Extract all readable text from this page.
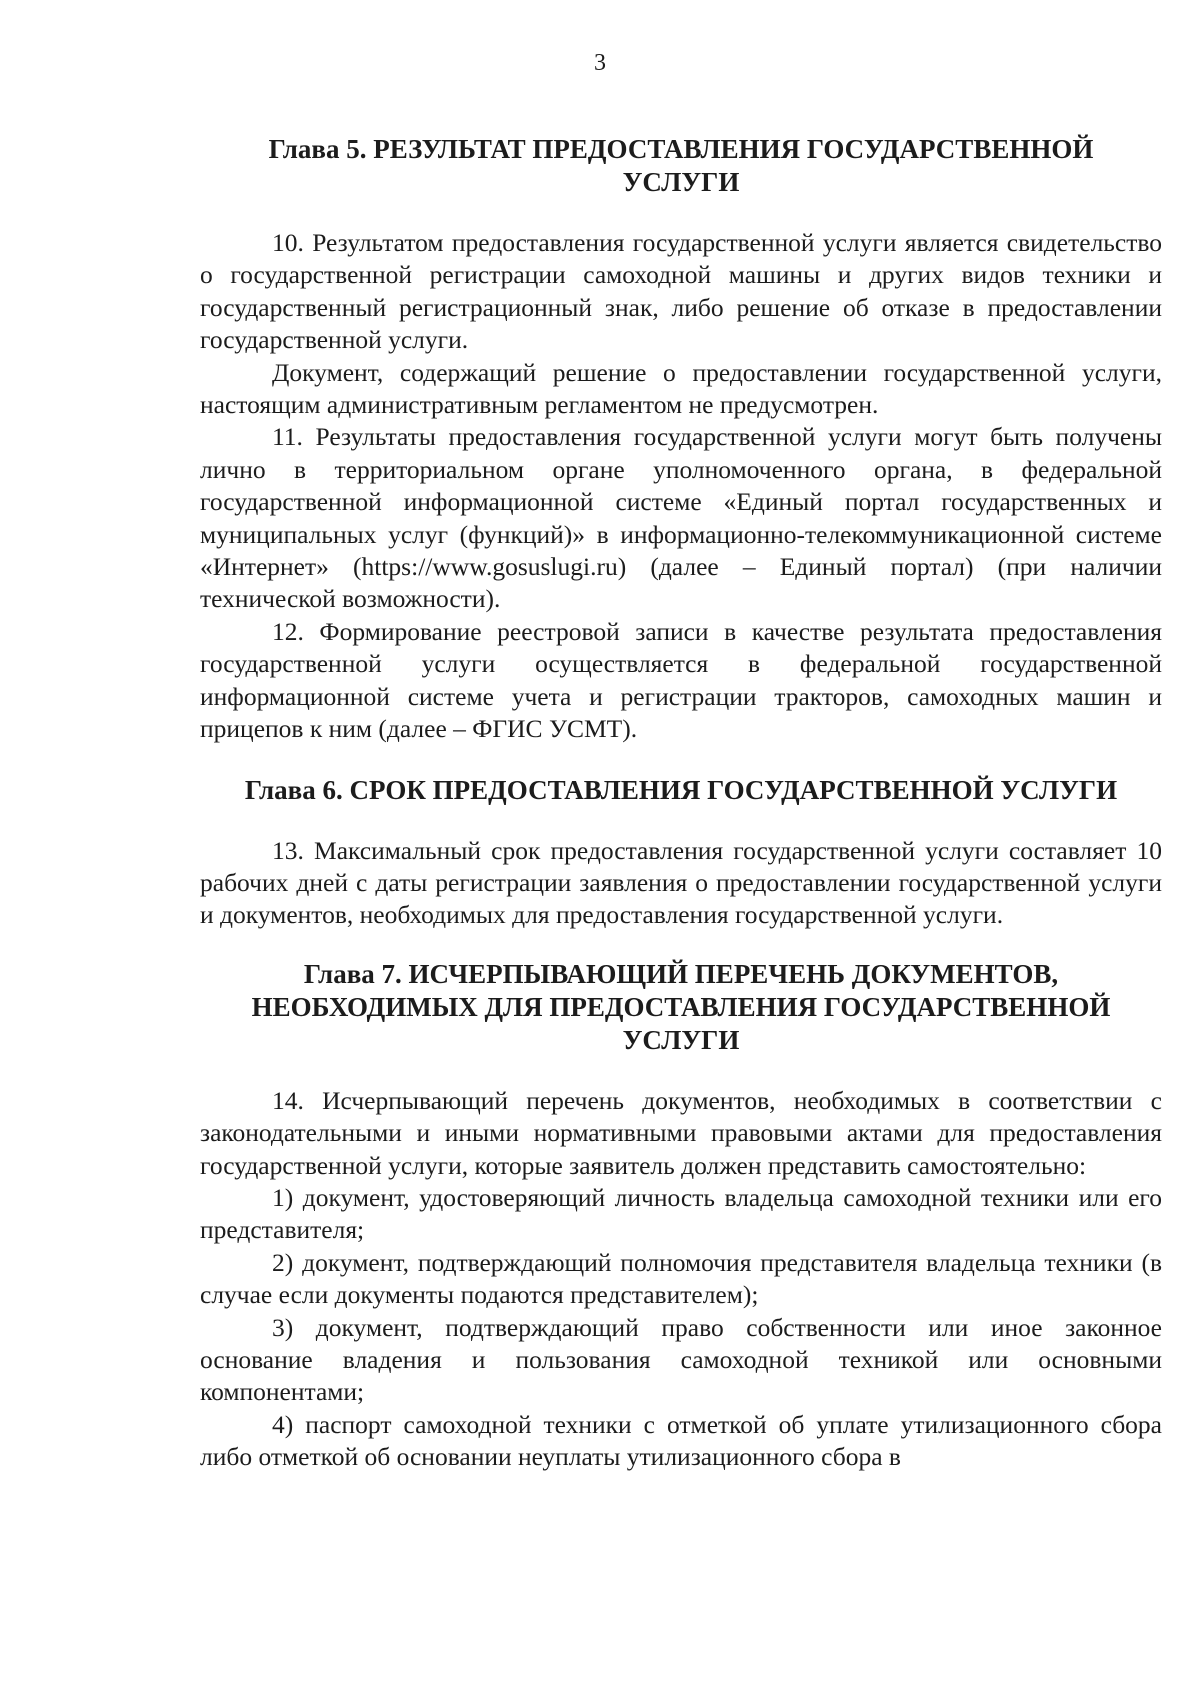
3
Глава 5. РЕЗУЛЬТАТ ПРЕДОСТАВЛЕНИЯ ГОСУДАРСТВЕННОЙ
УСЛУГИ

10. Результатом предоставления государственной услуги является свидетельство о государственной регистрации самоходной машины и других видов техники и государственный регистрационный знак, либо решение об отказе в предоставлении государственной услуги.

Документ, содержащий решение о предоставлении государственной услуги, настоящим административным регламентом не предусмотрен.

11. Результаты предоставления государственной услуги могут быть получены лично в территориальном органе уполномоченного органа, в федеральной государственной информационной системе «Единый портал государственных и муниципальных услуг (функций)» в информационно-телекоммуникационной системе «Интернет» (https://www.gosuslugi.ru) (далее – Единый портал) (при наличии технической возможности).

12. Формирование реестровой записи в качестве результата предоставления государственной услуги осуществляется в федеральной государственной информационной системе учета и регистрации тракторов, самоходных машин и прицепов к ним (далее – ФГИС УСМТ).

Глава 6. СРОК ПРЕДОСТАВЛЕНИЯ ГОСУДАРСТВЕННОЙ УСЛУГИ

13. Максимальный срок предоставления государственной услуги составляет 10 рабочих дней с даты регистрации заявления о предоставлении государственной услуги и документов, необходимых для предоставления государственной услуги.

Глава 7. ИСЧЕРПЫВАЮЩИЙ ПЕРЕЧЕНЬ ДОКУМЕНТОВ,
НЕОБХОДИМЫХ ДЛЯ ПРЕДОСТАВЛЕНИЯ ГОСУДАРСТВЕННОЙ
УСЛУГИ

14. Исчерпывающий перечень документов, необходимых в соответствии с законодательными и иными нормативными правовыми актами для предоставления государственной услуги, которые заявитель должен представить самостоятельно:

1) документ, удостоверяющий личность владельца самоходной техники или его представителя;

2) документ, подтверждающий полномочия представителя владельца техники (в случае если документы подаются представителем);

3) документ, подтверждающий право собственности или иное законное основание владения и пользования самоходной техникой или основными компонентами;

4) паспорт самоходной техники с отметкой об уплате утилизационного сбора либо отметкой об основании неуплаты утилизационного сбора в
